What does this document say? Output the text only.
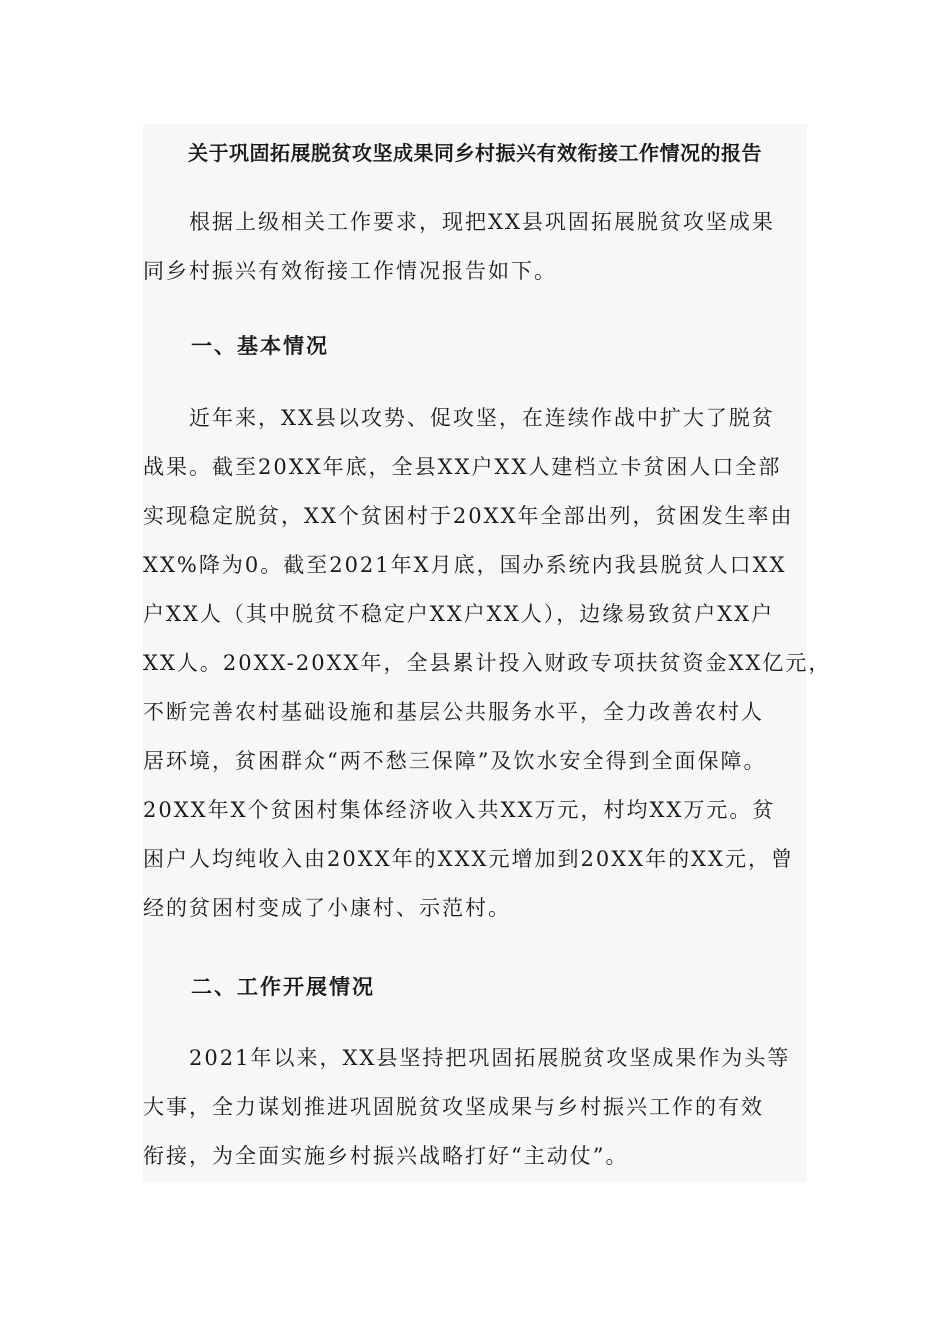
关于巩固拓展脱贫攻坚成果同乡村振兴有效衔接工作情况的报告
　　根据上级相关工作要求，现把XX县巩固拓展脱贫攻坚成果
同乡村振兴有效衔接工作情况报告如下。
一、基本情况
　　近年来，XX县以攻势、促攻坚，在连续作战中扩大了脱贫
战果。截至20XX年底，全县XX户XX人建档立卡贫困人口全部
实现稳定脱贫，XX个贫困村于20XX年全部出列，贫困发生率由
XX%降为0。截至2021年X月底，国办系统内我县脱贫人口XX
户XX人（其中脱贫不稳定户XX户XX人），边缘易致贫户XX户
XX人。20XX-20XX年，全县累计投入财政专项扶贫资金XX亿元，
不断完善农村基础设施和基层公共服务水平，全力改善农村人
居环境，贫困群众“两不愁三保障”及饮水安全得到全面保障。
20XX年X个贫困村集体经济收入共XX万元，村均XX万元。贫
困户人均纯收入由20XX年的XXX元增加到20XX年的XX元，曾
经的贫困村变成了小康村、示范村。
二、工作开展情况
　　2021年以来，XX县坚持把巩固拓展脱贫攻坚成果作为头等
大事，全力谋划推进巩固脱贫攻坚成果与乡村振兴工作的有效
衔接，为全面实施乡村振兴战略打好“主动仗”。
